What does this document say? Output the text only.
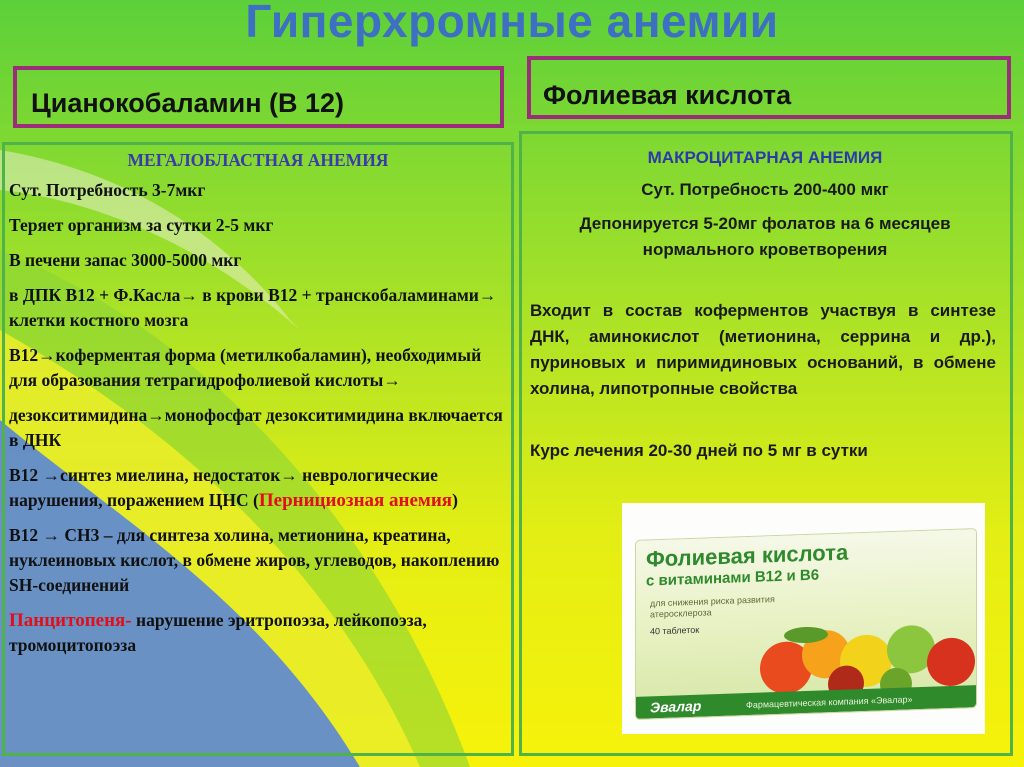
Гиперхромные анемии
Цианокобаламин (В 12)	Фолиевая кислота
МЕГАЛОБЛАСТНАЯ АНЕМИЯ

Сут. Потребность 3-7мкг

Теряет организм за сутки 2-5 мкг

В печени запас 3000-5000 мкг

в ДПК В12 + Ф.Касла→ в крови В12 + транскобаламинами→ клетки костного мозга

В12→коферментая форма (метилкобаламин), необходимый для образования тетрагидрофолиевой кислоты→

дезокситимидина→монофосфат дезокситимидина включается в ДНК

В12 →синтез миелина, недостаток→ неврологические нарушения, поражением ЦНС (Пернициозная анемия)

В12 → СН3 – для синтеза холина, метионина, креатина, нуклеиновых кислот, в обмене жиров, углеводов, накоплению SH-соединений

Панцитопеня- нарушение эритропоэза, лейкопоэза, тромоцитопоэза

МАКРОЦИТАРНАЯ АНЕМИЯ
Сут. Потребность 200-400 мкг
Депонируется 5-20мг фолатов на 6 месяцев нормального кроветворения
Входит в состав коферментов участвуя в синтезе ДНК, аминокислот (метионина, серрина и др.), пуриновых и пиримидиновых оснований, в обмене холина, липотропные свойства
Курс лечения 20-30 дней по 5 мг в сутки
Фолиевая кислота
с витаминами В12 и В6
для снижения риска развития атеросклероза
40 таблеток
Эвалар	Фармацевтическая компания «Эвалар»
